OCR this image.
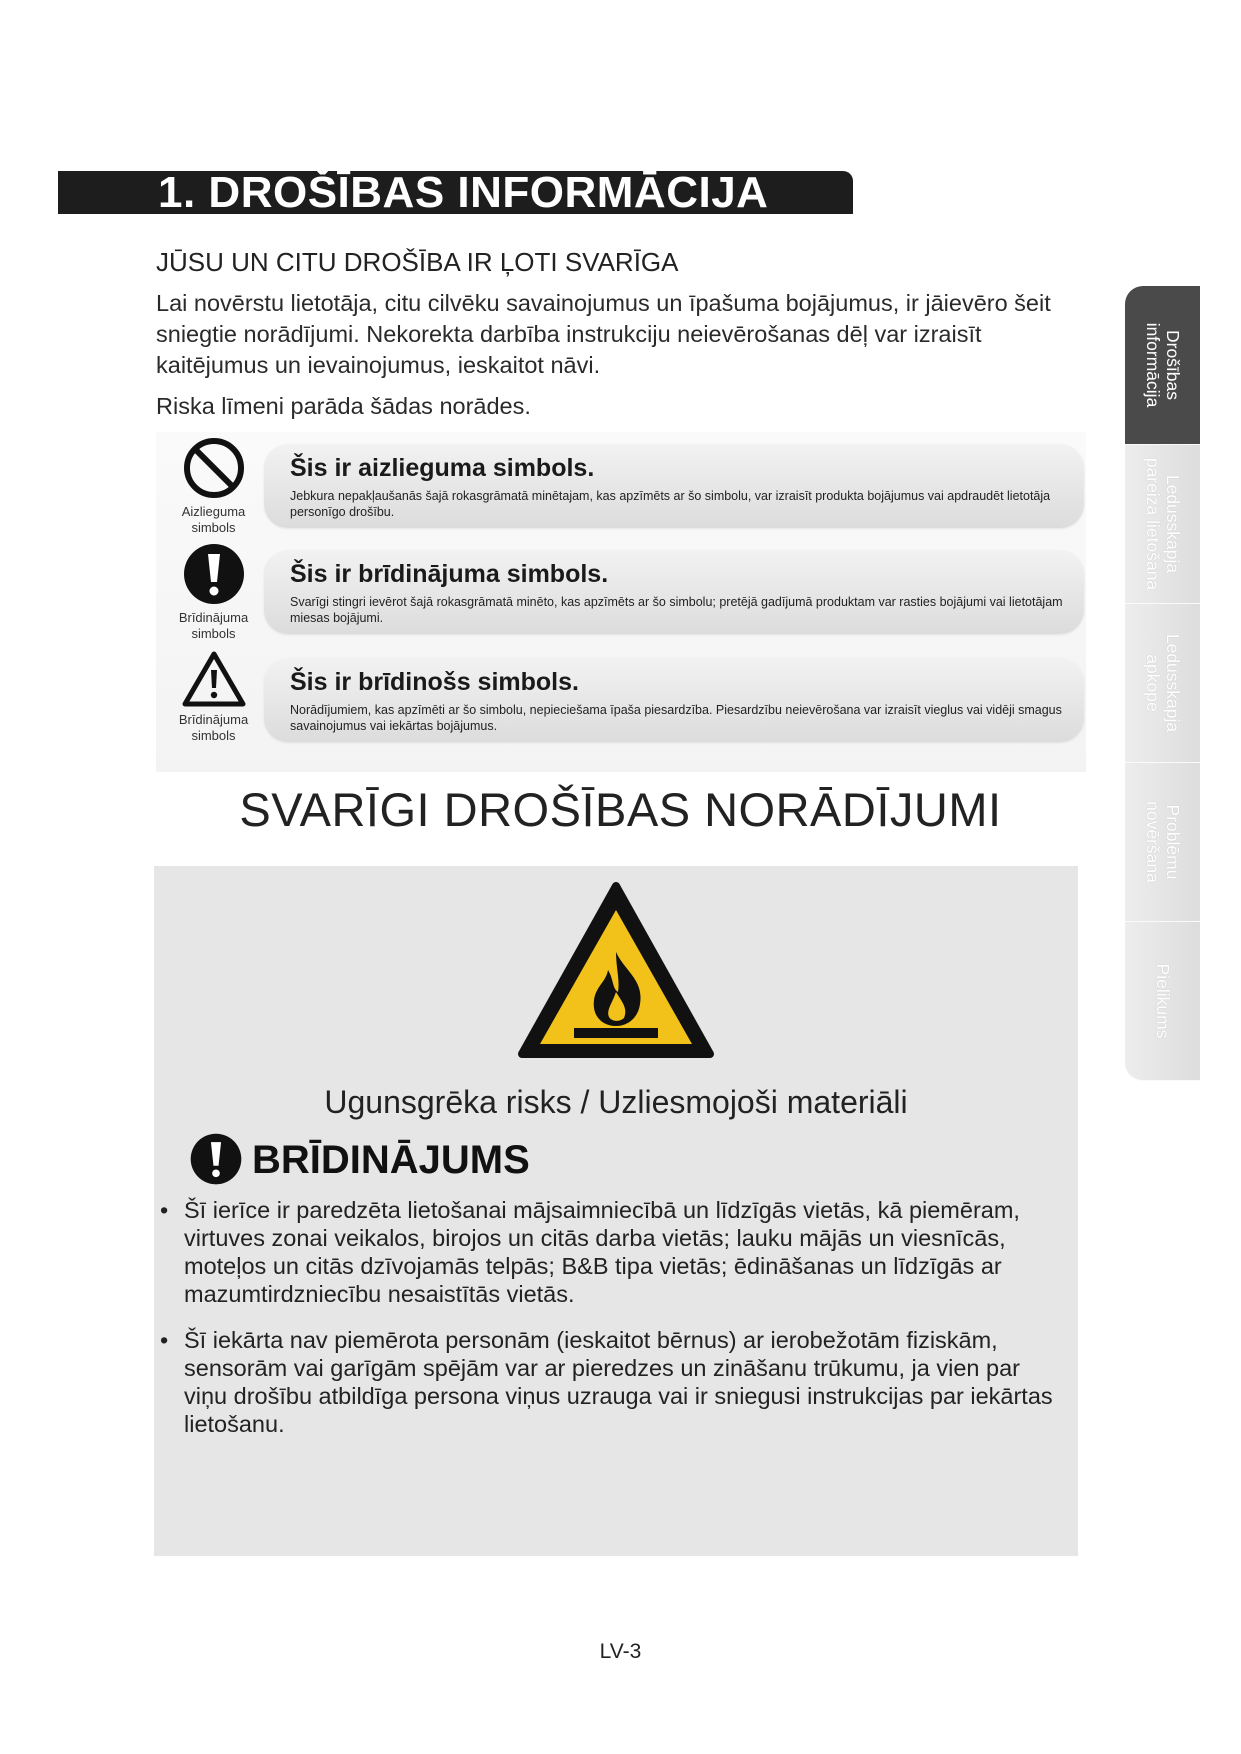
1. DROŠĪBAS INFORMĀCIJA
JŪSU UN CITU DROŠĪBA IR ĻOTI SVARĪGA

Lai novērstu lietotāja, citu cilvēku savainojumus un īpašuma bojājumus, ir jāievēro šeit sniegtie norādījumi. Nekorekta darbība instrukciju neievērošanas dēļ var izraisīt kaitējumus un ievainojumus, ieskaitot nāvi.

Riska līmeni parāda šādas norādes.

Aizlieguma
simbols
Šis ir aizlieguma simbols.
Jebkura nepakļaušanās šajā rokasgrāmatā minētajam, kas apzīmēts ar šo simbolu, var izraisīt produkta bojājumus vai apdraudēt lietotāja personīgo drošību.
Brīdinājuma
simbols
Šis ir brīdinājuma simbols.
Svarīgi stingri ievērot šajā rokasgrāmatā minēto, kas apzīmēts ar šo simbolu; pretējā gadījumā produktam var rasties bojājumi vai lietotājam miesas bojājumi.
Brīdinājuma
simbols
Šis ir brīdinošs simbols.
Norādījumiem, kas apzīmēti ar šo simbolu, nepieciešama īpaša piesardzība. Piesardzību neievērošana var izraisīt vieglus vai vidēji smagus savainojumus vai iekārtas bojājumus.
SVARĪGI DROŠĪBAS NORĀDĪJUMI
Ugunsgrēka risks / Uzliesmojoši materiāli
BRĪDINĀJUMS
• Šī ierīce ir paredzēta lietošanai mājsaimniecībā un līdzīgās vietās, kā piemēram, virtuves zonai veikalos, birojos un citās darba vietās; lauku mājās un viesnīcās, moteļos un citās dzīvojamās telpās; B&B tipa vietās; ēdināšanas un līdzīgās ar mazumtirdzniecību nesaistītās vietās.
• Šī iekārta nav piemērota personām (ieskaitot bērnus) ar ierobežotām fiziskām, sensorām vai garīgām spējām var ar pieredzes un zināšanu trūkumu, ja vien par viņu drošību atbildīga persona viņus uzrauga vai ir sniegusi instrukcijas par iekārtas lietošanu.
Drošības
informācija
Ledusskapja
pareiza lietošana
Ledusskapja
apkope
Problēmu
novēršana
Pielikums
LV-3
